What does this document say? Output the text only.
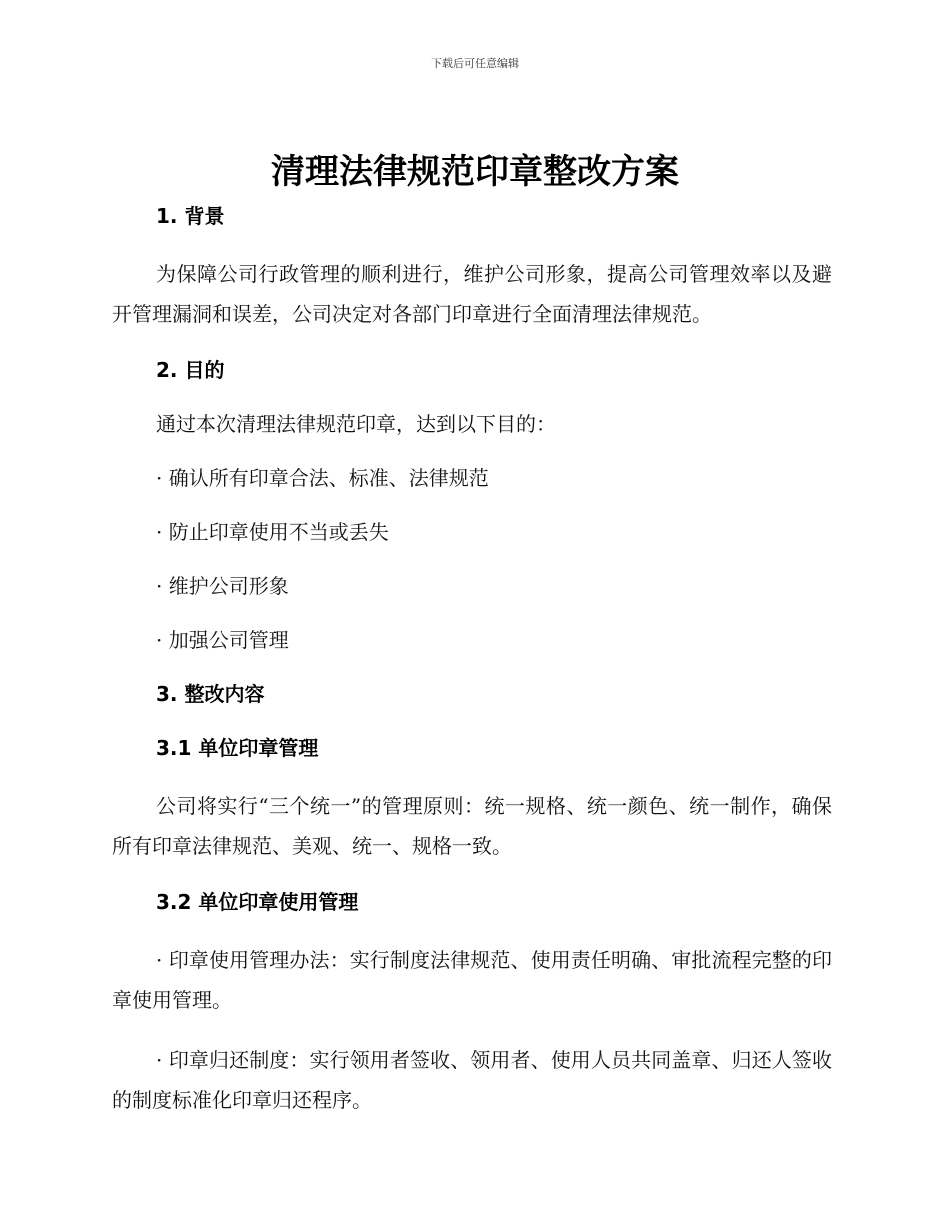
下载后可任意编辑
清理法律规范印章整改方案
1. 背景

为保障公司行政管理的顺利进行，维护公司形象，提高公司管理效率以及避开管理漏洞和误差，公司决定对各部门印章进行全面清理法律规范。

2. 目的

通过本次清理法律规范印章，达到以下目的：

· 确认所有印章合法、标准、法律规范

· 防止印章使用不当或丢失

· 维护公司形象

· 加强公司管理

3. 整改内容
3.1 单位印章管理

公司将实行“三个统一”的管理原则：统一规格、统一颜色、统一制作，确保所有印章法律规范、美观、统一、规格一致。

3.2 单位印章使用管理

· 印章使用管理办法：实行制度法律规范、使用责任明确、审批流程完整的印章使用管理。

· 印章归还制度：实行领用者签收、领用者、使用人员共同盖章、归还人签收的制度标准化印章归还程序。
